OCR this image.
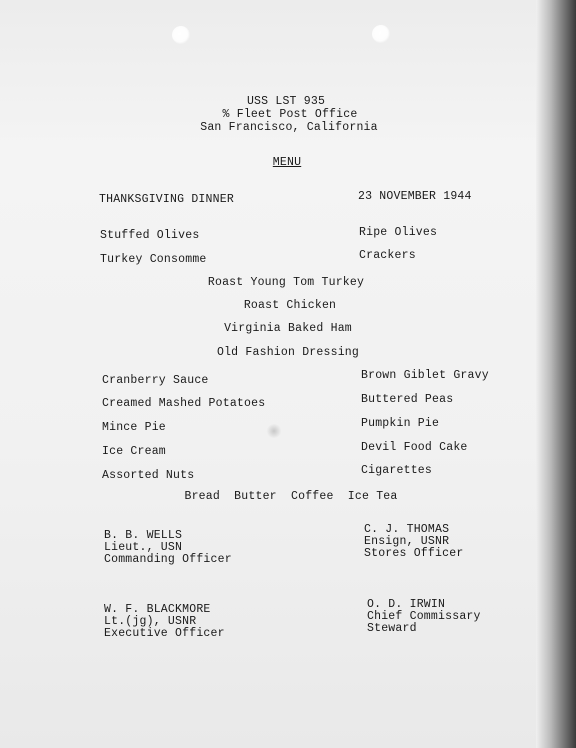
USS LST 935

% Fleet Post Office

San Francisco, California

MENU

THANKSGIVING DINNER	23 NOVEMBER 1944

Stuffed Olives	Ripe Olives

Turkey Consomme	Crackers

Roast Young Tom Turkey

Roast Chicken

Virginia Baked Ham

Old Fashion Dressing

Cranberry Sauce	Brown Giblet Gravy

Creamed Mashed Potatoes	Buttered Peas

Mince Pie	Pumpkin Pie

Ice Cream	Devil Food Cake

Assorted Nuts	Cigarettes

Bread  Butter  Coffee  Ice Tea

B. B. WELLS

Lieut., USN

Commanding Officer

C. J. THOMAS

Ensign, USNR

Stores Officer

W. F. BLACKMORE

Lt.(jg), USNR

Executive Officer

O. D. IRWIN

Chief Commissary

Steward
